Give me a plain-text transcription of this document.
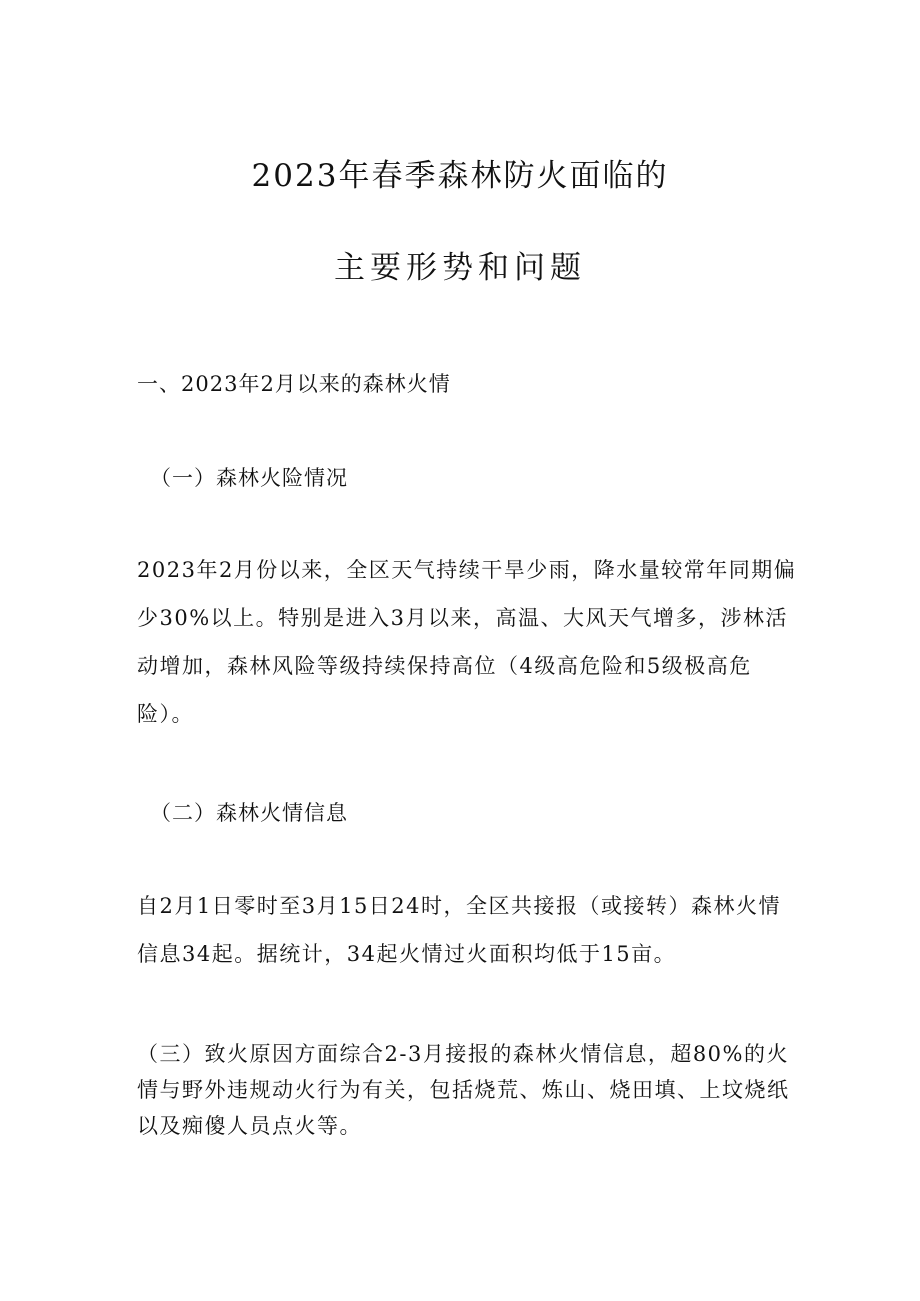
2023年春季森林防火面临的
主要形势和问题
一、2023年2月以来的森林火情
（一）森林火险情况

2023年2月份以来，全区天气持续干旱少雨，降水量较常年同期偏少30%以上。特别是进入3月以来，高温、大风天气增多，涉林活动增加，森林风险等级持续保持高位（4级高危险和5级极高危险）。

（二）森林火情信息

自2月1日零时至3月15日24时，全区共接报（或接转）森林火情信息34起。据统计，34起火情过火面积均低于15亩。

（三）致火原因方面综合2-3月接报的森林火情信息，超80%的火情与野外违规动火行为有关，包括烧荒、炼山、烧田填、上坟烧纸以及痴傻人员点火等。
